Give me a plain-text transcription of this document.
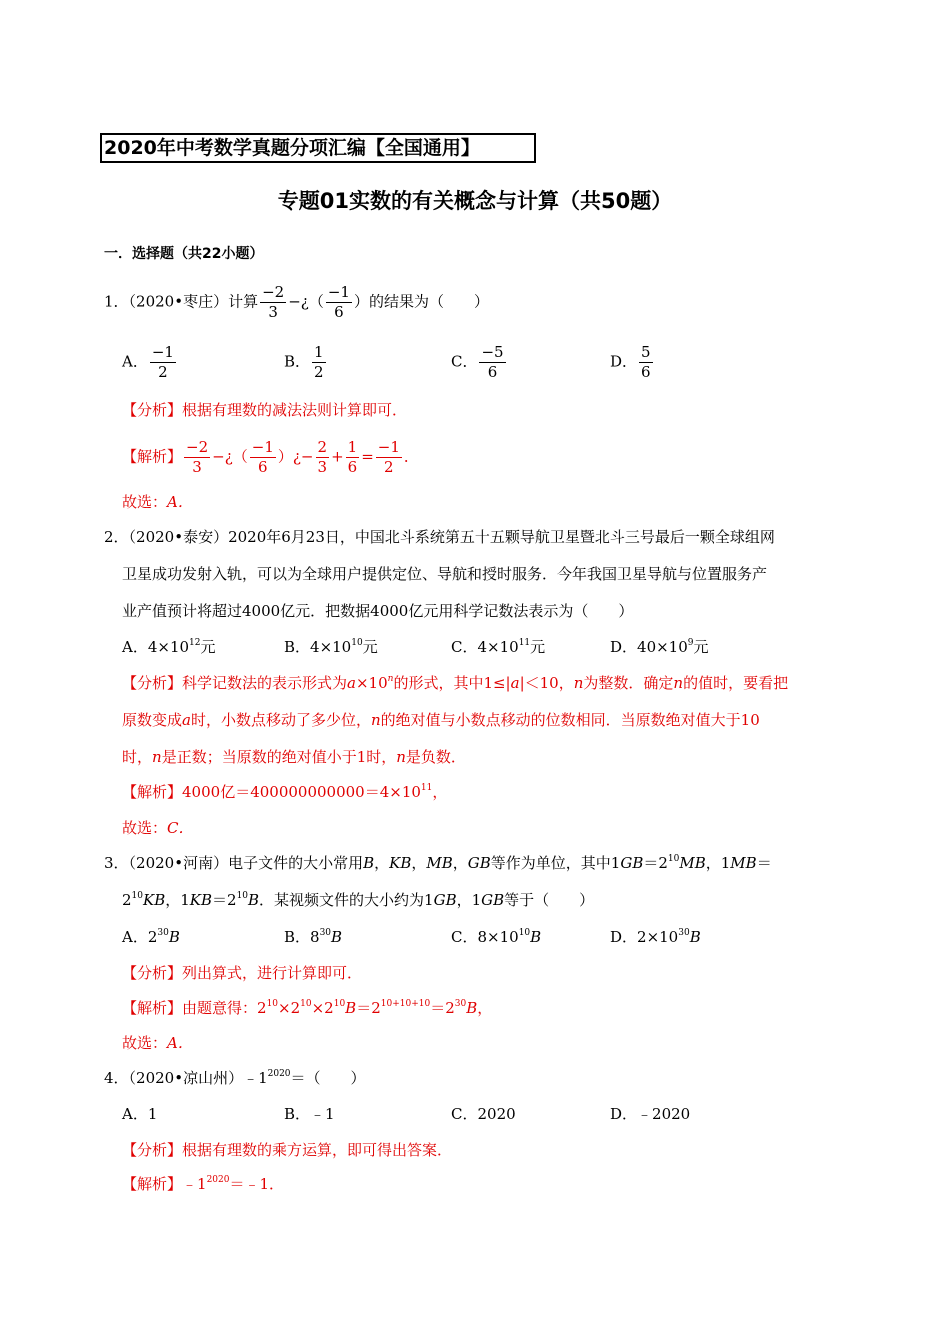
2020年中考数学真题分项汇编【全国通用】
专题01实数的有关概念与计算（共50题）
一．选择题（共22小题）
1．（2020•枣庄）计算 $\frac{-2}{3}$ −¿（ $\frac{-1}{6}$ ）的结果为（　　）
A． $\frac{-1}{2}$	B． $\frac{1}{2}$	C． $\frac{-5}{6}$	D． $\frac{5}{6}$
【分析】根据有理数的减法法则计算即可．
【解析】 $\frac{-2}{3}$ −¿（ $\frac{-1}{6}$ ）¿− $\frac{2}{3} + \frac{1}{6} = \frac{-1}{2}$ ．
故选：A．
2．（2020•泰安）2020年6月23日，中国北斗系统第五十五颗导航卫星暨北斗三号最后一颗全球组网
卫星成功发射入轨，可以为全球用户提供定位、导航和授时服务．今年我国卫星导航与位置服务产
业产值预计将超过4000亿元．把数据4000亿元用科学记数法表示为（　　）
A．$4\times 10^{12}$元	B．$4\times 10^{10}$元	C．$4\times 10^{11}$元	D．$40\times 10^9$元
【分析】科学记数法的表示形式为$a\times 10^n$的形式，其中1≤|a|＜10，n为整数．确定n的值时，要看把
原数变成a时，小数点移动了多少位，n的绝对值与小数点移动的位数相同．当原数绝对值大于10
时，n是正数；当原数的绝对值小于1时，n是负数．
【解析】4000亿$=400000000000=4\times 10^{11}$，
故选：C．
3．（2020•河南）电子文件的大小常用B，KB，MB，GB等作为单位，其中$1GB=2^{10}MB$，1MB＝
$2^{10}KB$，$1KB=2^{10}B$．某视频文件的大小约为1GB，1GB等于（　　）
A．$2^{30}B$	B．$8^{30}B$	C．$8\times 10^{10}B$	D．$2\times 10^{30}B$
【分析】列出算式，进行计算即可．
【解析】由题意得：$2^{10}\times 2^{10}\times 2^{10}B=2^{10+10+10}=2^{30}B$，
故选：A．
4．（2020•凉山州）$﹣1^{2020}=$（　　）
A．1	B．﹣1	C．2020	D．﹣2020
【分析】根据有理数的乘方运算，即可得出答案．
【解析】$﹣1^{2020}=﹣1$．
